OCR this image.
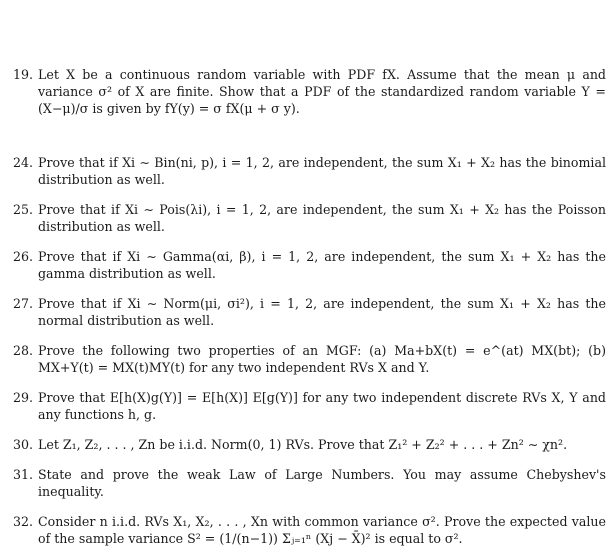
19. Let X be a continuous random variable with PDF fX. Assume that the mean μ and variance σ² of X are finite. Show that a PDF of the standardized random variable Y = (X−μ)/σ is given by fY(y) = σ fX(μ + σ y).
24. Prove that if Xi ∼ Bin(ni, p), i = 1, 2, are independent, the sum X₁ + X₂ has the binomial distribution as well.
25. Prove that if Xi ∼ Pois(λi), i = 1, 2, are independent, the sum X₁ + X₂ has the Poisson distribution as well.
26. Prove that if Xi ∼ Gamma(αi, β), i = 1, 2, are independent, the sum X₁ + X₂ has the gamma distribution as well.
27. Prove that if Xi ∼ Norm(μi, σi²), i = 1, 2, are independent, the sum X₁ + X₂ has the normal distribution as well.
28. Prove the following two properties of an MGF: (a) Ma+bX(t) = e^(at) MX(bt); (b) MX+Y(t) = MX(t)MY(t) for any two independent RVs X and Y.
29. Prove that E[h(X)g(Y)] = E[h(X)] E[g(Y)] for any two independent discrete RVs X, Y and any functions h, g.
30. Let Z₁, Z₂, . . . , Zn be i.i.d. Norm(0, 1) RVs. Prove that Z₁² + Z₂² + . . . + Zn² ∼ χn².
31. State and prove the weak Law of Large Numbers. You may assume Chebyshev's inequality.
32. Consider n i.i.d. RVs X₁, X₂, . . . , Xn with common variance σ². Prove the expected value of the sample variance S² = (1/(n−1)) Σⱼ₌₁ⁿ (Xj − X̄)² is equal to σ².
